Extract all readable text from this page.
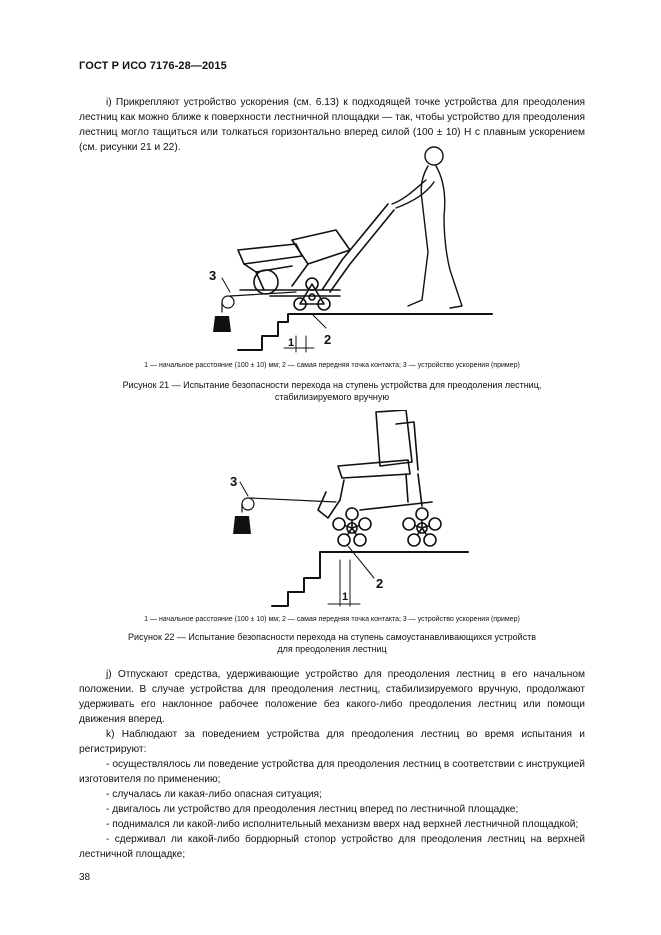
ГОСТ Р ИСО 7176-28—2015
i) Прикрепляют устройство ускорения (см. 6.13) к подходящей точке устройства для преодоления лестниц как можно ближе к поверхности лестничной площадки — так, чтобы устройство для преодоления лестниц могло тащиться или толкаться горизонтально вперед силой (100 ± 10) Н с плавным ускорением (см. рисунки 21 и 22).
3
2
1
1 — начальное расстояние (100 ± 10) мм; 2 — самая передняя точка контакта; 3 — устройство ускорения (пример)
Рисунок 21 — Испытание безопасности перехода на ступень устройства для преодоления лестниц,
стабилизируемого вручную
3
2
1
1 — начальное расстояние (100 ± 10) мм; 2 — самая передняя точка контакта; 3 — устройство ускорения (пример)
Рисунок 22 — Испытание безопасности перехода на ступень самоустанавливающихся устройств
для преодоления лестниц
j) Отпускают средства, удерживающие устройство для преодоления лестниц в его начальном положении. В случае устройства для преодоления лестниц, стабилизируемого вручную, продолжают удерживать его наклонное рабочее положение без какого-либо преодоления лестниц или помощи движения вперед.
k) Наблюдают за поведением устройства для преодоления лестниц во время испытания и регистрируют:
- осуществлялось ли поведение устройства для преодоления лестниц в соответствии с инструкцией изготовителя по применению;
- случалась ли какая-либо опасная ситуация;
- двигалось ли устройство для преодоления лестниц вперед по лестничной площадке;
- поднимался ли какой-либо исполнительный механизм вверх над верхней лестничной площадкой;
- сдерживал ли какой-либо бордюрный стопор устройство для преодоления лестниц на верхней лестничной площадке;
38
